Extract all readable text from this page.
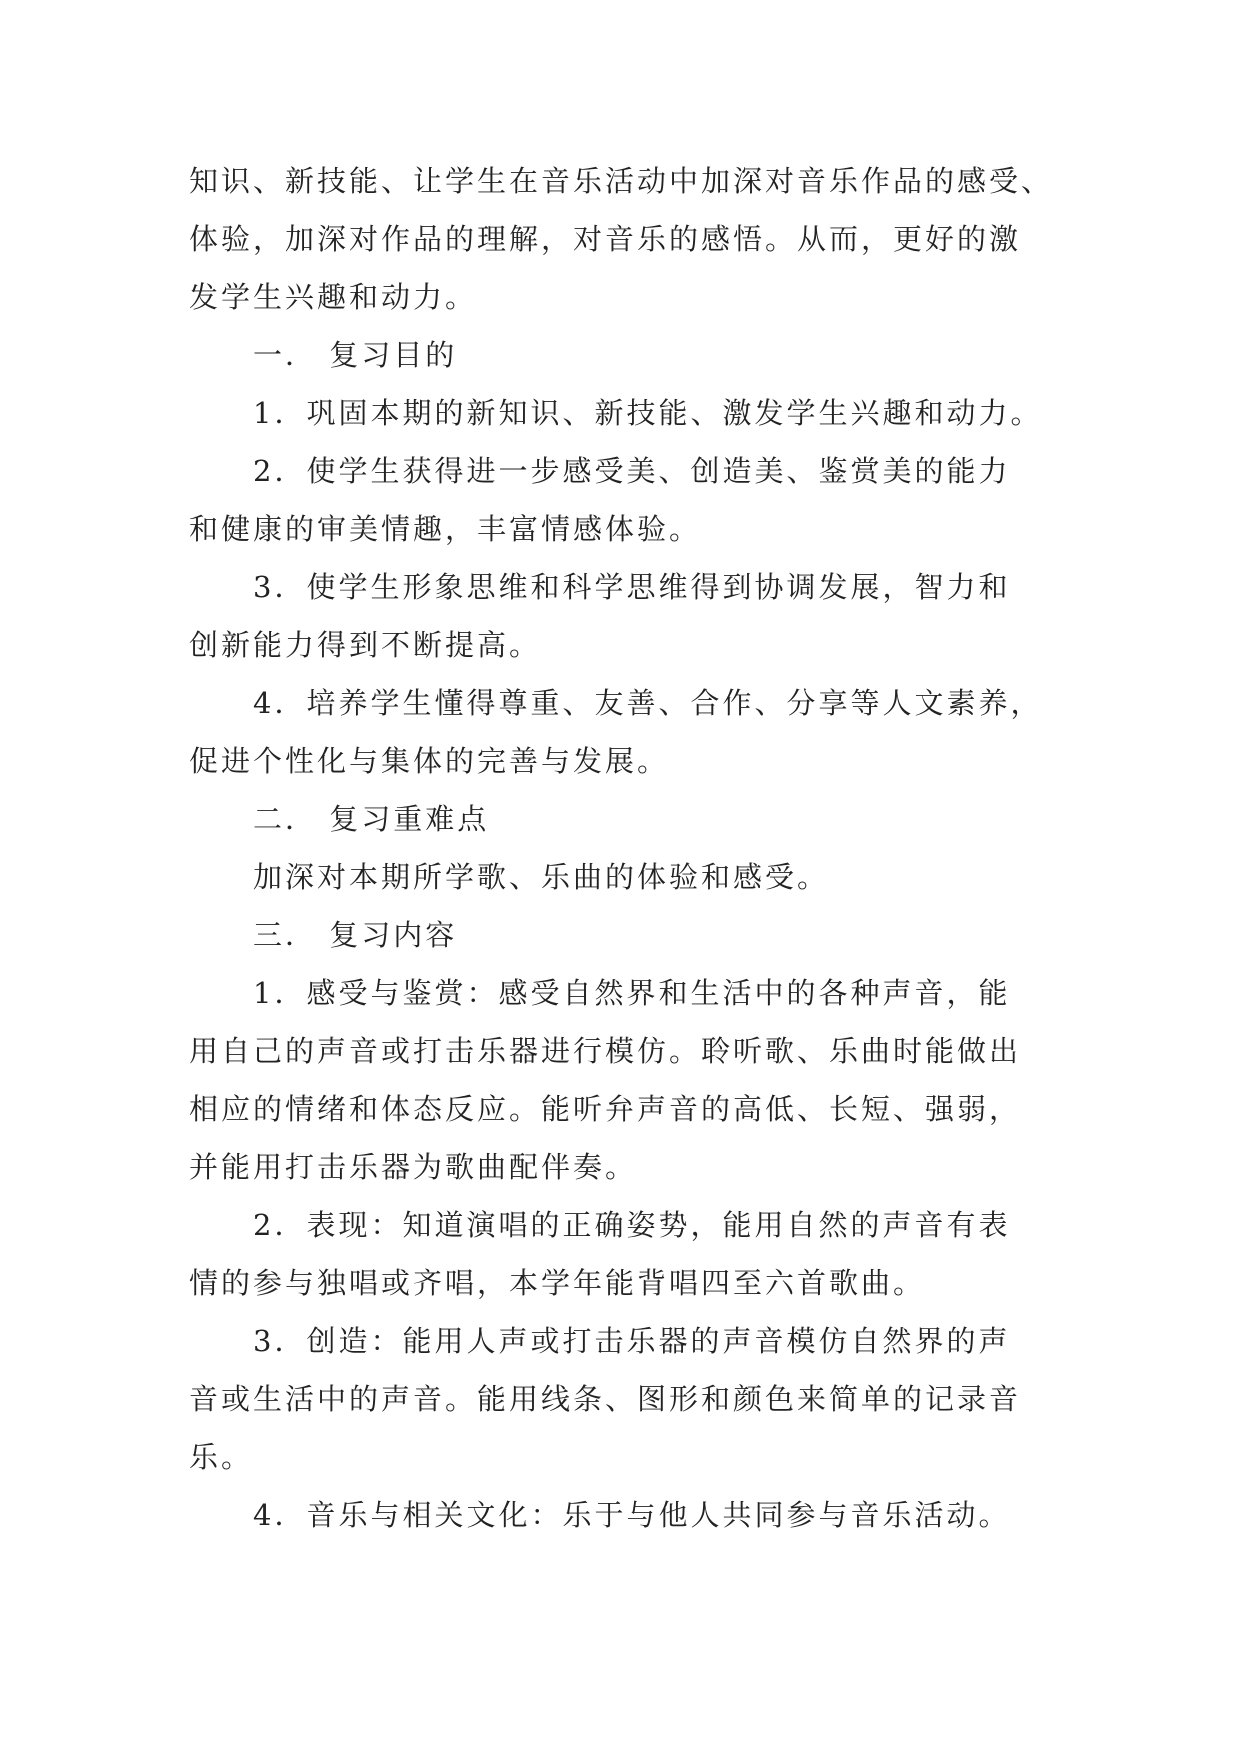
知识、新技能、让学生在音乐活动中加深对音乐作品的感受、
体验，加深对作品的理解，对音乐的感悟。从而，更好的激
发学生兴趣和动力。
一． 复习目的
1．巩固本期的新知识、新技能、激发学生兴趣和动力。
2．使学生获得进一步感受美、创造美、鉴赏美的能力
和健康的审美情趣，丰富情感体验。
3．使学生形象思维和科学思维得到协调发展，智力和
创新能力得到不断提高。
4．培养学生懂得尊重、友善、合作、分享等人文素养，
促进个性化与集体的完善与发展。
二． 复习重难点
加深对本期所学歌、乐曲的体验和感受。
三． 复习内容
1．感受与鉴赏：感受自然界和生活中的各种声音，能
用自己的声音或打击乐器进行模仿。聆听歌、乐曲时能做出
相应的情绪和体态反应。能听弁声音的高低、长短、强弱，
并能用打击乐器为歌曲配伴奏。
2．表现：知道演唱的正确姿势，能用自然的声音有表
情的参与独唱或齐唱，本学年能背唱四至六首歌曲。
3．创造：能用人声或打击乐器的声音模仿自然界的声
音或生活中的声音。能用线条、图形和颜色来简单的记录音
乐。
4．音乐与相关文化：乐于与他人共同参与音乐活动。
